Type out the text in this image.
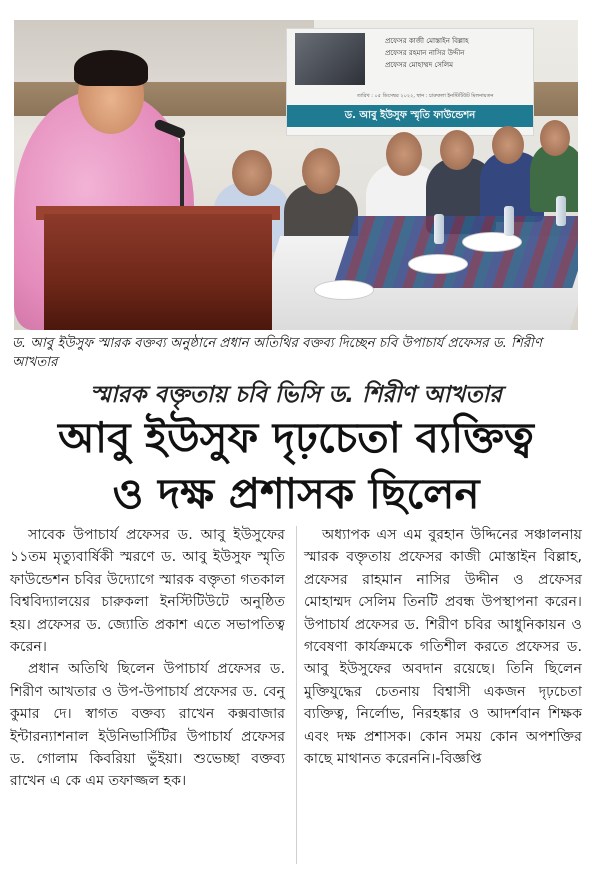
প্রফেসর কাজী মোস্তাইন বিল্লাহ
প্রফেসর রহমান নাসির উদ্দীন
প্রফেসর মোহাম্মদ সেলিম
তারিখ : ০৫ ডিসেম্বর ২০২২, স্থান : চারুকলা ইনস্টিটিউট মিলনায়তন
ড. আবু ইউসুফ স্মৃতি ফাউন্ডেশন
ড. আবু ইউসুফ স্মারক বক্তব্য অনুষ্ঠানে প্রধান অতিথির বক্তব্য দিচ্ছেন চবি উপাচার্য প্রফেসর ড. শিরীণ আখতার
স্মারক বক্তৃতায় চবি ভিসি ড. শিরীণ আখতার
আবু ইউসুফ দৃঢ়চেতা ব্যক্তিত্ব
ও দক্ষ প্রশাসক ছিলেন

সাবেক উপাচার্য প্রফেসর ড. আবু ইউসুফের ১১তম মৃত্যুবার্ষিকী স্মরণে ড. আবু ইউসুফ স্মৃতি ফাউন্ডেশন চবির উদ্যোগে স্মারক বক্তৃতা গতকাল বিশ্ববিদ্যালয়ের চারুকলা ইনস্টিটিউটে অনুষ্ঠিত হয়। প্রফেসর ড. জ্যোতি প্রকাশ এতে সভাপতিত্ব করেন।

প্রধান অতিথি ছিলেন উপাচার্য প্রফেসর ড. শিরীণ আখতার ও উপ-উপাচার্য প্রফেসর ড. বেনু কুমার দে। স্বাগত বক্তব্য রাখেন কক্সবাজার ইন্টারন্যাশনাল ইউনিভার্সিটির উপাচার্য প্রফেসর ড. গোলাম কিবরিয়া ভুঁইয়া। শুভেচ্ছা বক্তব্য রাখেন এ কে এম তফাজ্জল হক।

অধ্যাপক এস এম বুরহান উদ্দিনের সঞ্চালনায় স্মারক বক্তৃতায় প্রফেসর কাজী মোস্তাইন বিল্লাহ, প্রফেসর রাহমান নাসির উদ্দীন ও প্রফেসর মোহাম্মদ সেলিম তিনটি প্রবন্ধ উপস্থাপনা করেন। উপাচার্য প্রফেসর ড. শিরীণ চবির আধুনিকায়ন ও গবেষণা কার্যক্রমকে গতিশীল করতে প্রফেসর ড. আবু ইউসুফের অবদান রয়েছে। তিনি ছিলেন মুক্তিযুদ্ধের চেতনায় বিশ্বাসী একজন দৃঢ়চেতা ব্যক্তিত্ব, নির্লোভ, নিরহঙ্কার ও আদর্শবান শিক্ষক এবং দক্ষ প্রশাসক। কোন সময় কোন অপশক্তির কাছে মাথানত করেননি।-বিজ্ঞপ্তি
